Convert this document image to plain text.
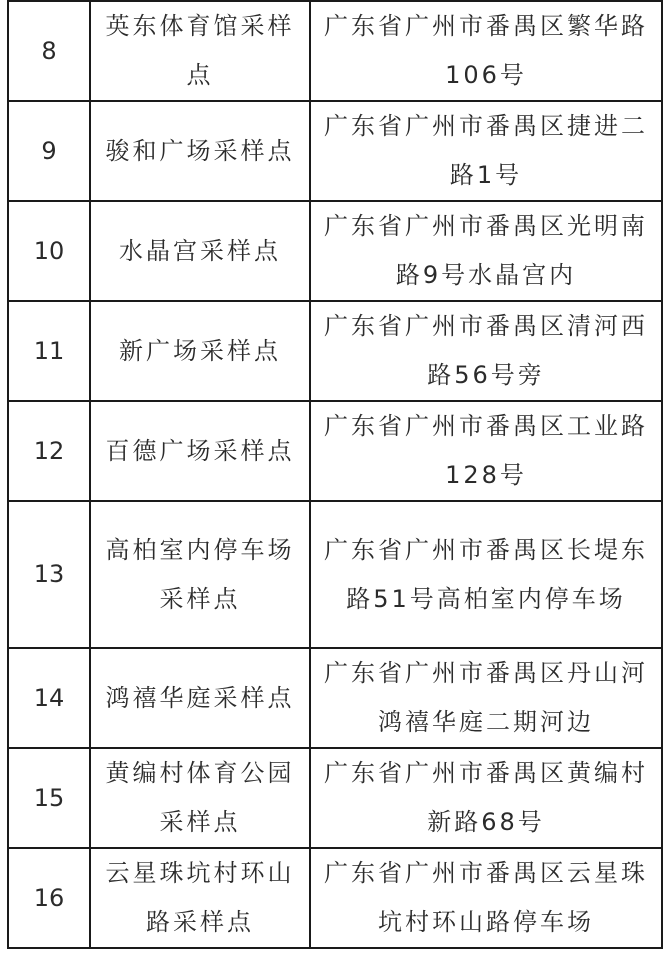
8	英东体育馆采样点	广东省广州市番禺区繁华路106号
9	骏和广场采样点	广东省广州市番禺区捷进二路1号
10	水晶宫采样点	广东省广州市番禺区光明南路9号水晶宫内
11	新广场采样点	广东省广州市番禺区清河西路56号旁
12	百德广场采样点	广东省广州市番禺区工业路128号
13	高柏室内停车场采样点	广东省广州市番禺区长堤东路51号高柏室内停车场
14	鸿禧华庭采样点	广东省广州市番禺区丹山河鸿禧华庭二期河边
15	黄编村体育公园采样点	广东省广州市番禺区黄编村新路68号
16	云星珠坑村环山路采样点	广东省广州市番禺区云星珠坑村环山路停车场
